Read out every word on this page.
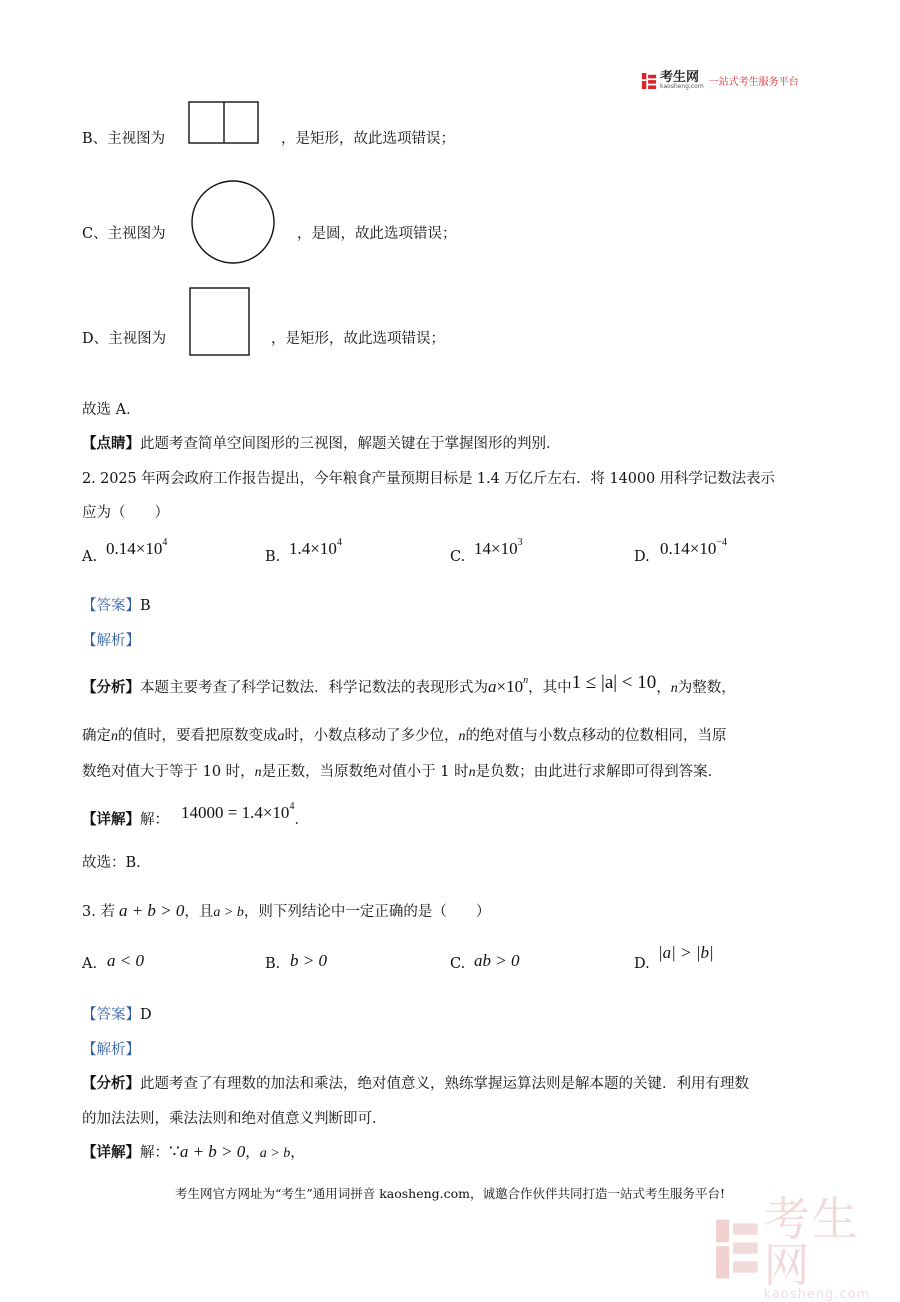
考生网
kaosheng.com 一站式考生服务平台
B、主视图为	，是矩形，故此选项错误；
C、主视图为	，是圆，故此选项错误；
D、主视图为	，是矩形，故此选项错误；
故选 A．
【点睛】此题考查简单空间图形的三视图，解题关键在于掌握图形的判别．
2. 2025 年两会政府工作报告提出，今年粮食产量预期目标是 1.4 万亿斤左右．将 14000 用科学记数法表示
应为（　　）
A. $0.14\times 10^4$
B. $1.4\times 10^4$
C. $14\times 10^3$
D. $0.14\times 10^{-4}$
【答案】B
【解析】
【分析】本题主要考查了科学记数法．科学记数法的表现形式为$a\times 10^n$，其中1 ≤ |a| < 10，n为整数，
确定n的值时，要看把原数变成a时，小数点移动了多少位，n的绝对值与小数点移动的位数相同，当原
数绝对值大于等于 10 时，n是正数，当原数绝对值小于 1 时n是负数；由此进行求解即可得到答案．
【详解】解： $14000 = 1.4\times 10^4$．
故选：B．
3. 若 a + b > 0，且a > b，则下列结论中一定正确的是（　　）
A. a < 0	B. b > 0	C. ab > 0	D.
|a| > |b|
【答案】D
【解析】
【分析】此题考查了有理数的加法和乘法，绝对值意义，熟练掌握运算法则是解本题的关键．利用有理数
的加法法则，乘法法则和绝对值意义判断即可．
【详解】解：∵a + b > 0，a > b，
考生网官方网址为“考生”通用词拼音 kaosheng.com，诚邀合作伙伴共同打造一站式考生服务平台! 考生网
kaosheng.com
